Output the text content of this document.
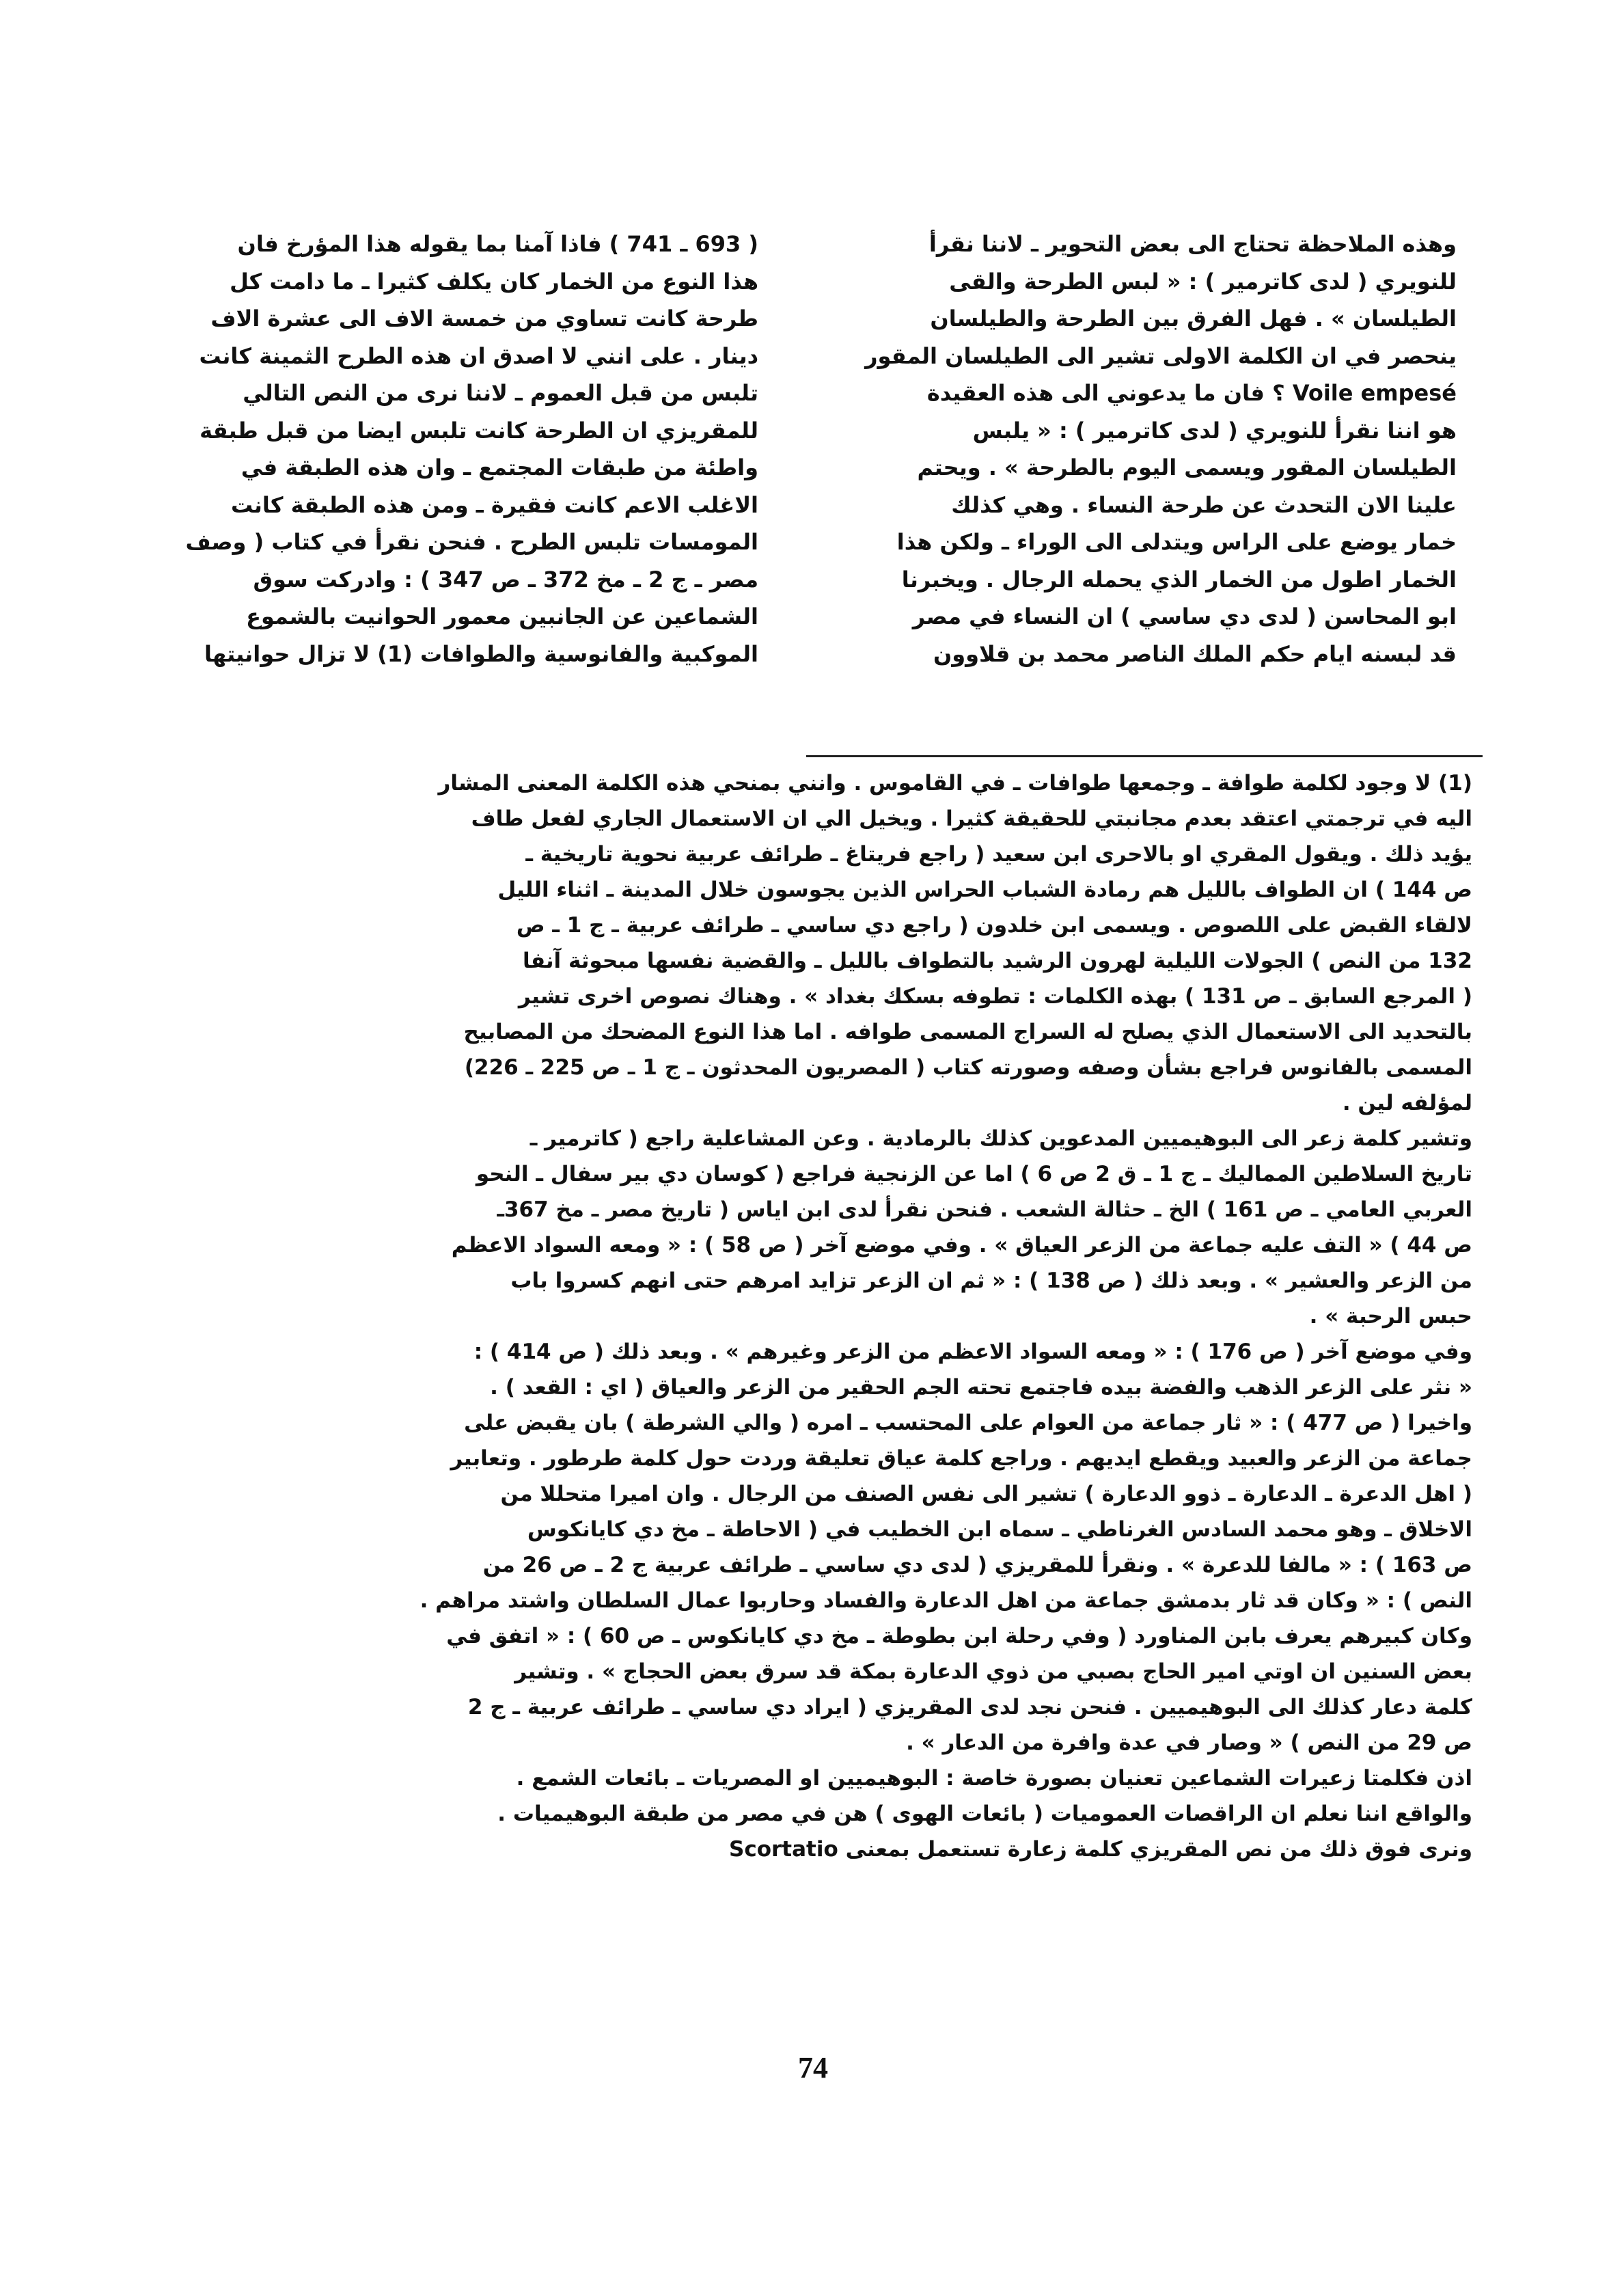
وهذه الملاحظة تحتاج الى بعض التحوير ـ لاننا نقرأ
للنويري ( لدى كاترمير ) : « لبس الطرحة والقى
الطيلسان » . فهل الفرق بين الطرحة والطيلسان
ينحصر في ان الكلمة الاولى تشير الى الطيلسان المقور
Voile empesé ؟ فان ما يدعوني الى هذه العقيدة
هو اننا نقرأ للنويري ( لدى كاترمير ) : « يلبس
الطيلسان المقور ويسمى اليوم بالطرحة » . ويحتم
علينا الان التحدث عن طرحة النساء . وهي كذلك
خمار يوضع على الراس ويتدلى الى الوراء ـ ولكن هذا
الخمار اطول من الخمار الذي يحمله الرجال . ويخبرنا
ابو المحاسن ( لدى دي ساسي ) ان النساء في مصر
قد لبسنه ايام حكم الملك الناصر محمد بن قلاوون
( 693 ـ 741 ) فاذا آمنا بما يقوله هذا المؤرخ فان
هذا النوع من الخمار كان يكلف كثيرا ـ ما دامت كل
طرحة كانت تساوي من خمسة الاف الى عشرة الاف
دينار . على انني لا اصدق ان هذه الطرح الثمينة كانت
تلبس من قبل العموم ـ لاننا نرى من النص التالي
للمقريزي ان الطرحة كانت تلبس ايضا من قبل طبقة
واطئة من طبقات المجتمع ـ وان هذه الطبقة في
الاغلب الاعم كانت فقيرة ـ ومن هذه الطبقة كانت
المومسات تلبس الطرح . فنحن نقرأ في كتاب ( وصف
مصر ـ ج 2 ـ مخ 372 ـ ص 347 ) : وادركت سوق
الشماعين عن الجانبين معمور الحوانيت بالشموع
الموكبية والفانوسية والطوافات (1) لا تزال حوانيتها
(1) لا وجود لكلمة طوافة ـ وجمعها طوافات ـ في القاموس . وانني بمنحي هذه الكلمة المعنى المشار
اليه في ترجمتي اعتقد بعدم مجانبتي للحقيقة كثيرا . ويخيل الي ان الاستعمال الجاري لفعل طاف
يؤيد ذلك . ويقول المقري او بالاحرى ابن سعيد ( راجع فريتاغ ـ طرائف عربية نحوية تاريخية ـ
ص 144 ) ان الطواف بالليل هم رمادة الشباب الحراس الذين يجوسون خلال المدينة ـ اثناء الليل
لالقاء القبض على اللصوص . ويسمى ابن خلدون ( راجع دي ساسي ـ طرائف عربية ـ ج 1 ـ ص
132 من النص ) الجولات الليلية لهرون الرشيد بالتطواف بالليل ـ والقضية نفسها مبحوثة آنفا
( المرجع السابق ـ ص 131 ) بهذه الكلمات : تطوفه بسكك بغداد » . وهناك نصوص اخرى تشير
بالتحديد الى الاستعمال الذي يصلح له السراج المسمى طوافه . اما هذا النوع المضحك من المصابيح
المسمى بالفانوس فراجع بشأن وصفه وصورته كتاب ( المصريون المحدثون ـ ج 1 ـ ص 225 ـ 226)
لمؤلفه لين .
وتشير كلمة زعر الى البوهيميين المدعوين كذلك بالرمادية . وعن المشاعلية راجع ( كاترمير ـ
تاريخ السلاطين المماليك ـ ج 1 ـ ق 2 ص 6 ) اما عن الزنجية فراجع ( كوسان دي بير سفال ـ النحو
العربي العامي ـ ص 161 ) الخ ـ حثالة الشعب . فنحن نقرأ لدى ابن اياس ( تاريخ مصر ـ مخ 367ـ
ص 44 ) « التف عليه جماعة من الزعر العياق » . وفي موضع آخر ( ص 58 ) : « ومعه السواد الاعظم
من الزعر والعشير » . وبعد ذلك ( ص 138 ) : « ثم ان الزعر تزايد امرهم حتى انهم كسروا باب
حبس الرحبة » .
وفي موضع آخر ( ص 176 ) : « ومعه السواد الاعظم من الزعر وغيرهم » . وبعد ذلك ( ص 414 ) :
« نثر على الزعر الذهب والفضة بيده فاجتمع تحته الجم الحقير من الزعر والعياق ( اي : القعد ) .
واخيرا ( ص 477 ) : « ثار جماعة من العوام على المحتسب ـ امره ( والي الشرطة ) بان يقبض على
جماعة من الزعر والعبيد ويقطع ايديهم . وراجع كلمة عياق تعليقة وردت حول كلمة طرطور . وتعابير
( اهل الدعرة ـ الدعارة ـ ذوو الدعارة ) تشير الى نفس الصنف من الرجال . وان اميرا متحللا من
الاخلاق ـ وهو محمد السادس الغرناطي ـ سماه ابن الخطيب في ( الاحاطة ـ مخ دي كايانكوس
ص 163 ) : « مالفا للدعرة » . ونقرأ للمقريزي ( لدى دي ساسي ـ طرائف عربية ج 2 ـ ص 26 من
النص ) : « وكان قد ثار بدمشق جماعة من اهل الدعارة والفساد وحاربوا عمال السلطان واشتد مراهم .
وكان كبيرهم يعرف بابن المناورد ( وفي رحلة ابن بطوطة ـ مخ دي كايانكوس ـ ص 60 ) : « اتفق في
بعض السنين ان اوتي امير الحاج بصبي من ذوي الدعارة بمكة قد سرق بعض الحجاج » . وتشير
كلمة دعار كذلك الى البوهيميين . فنحن نجد لدى المقريزي ( ايراد دي ساسي ـ طرائف عربية ـ ج 2
ص 29 من النص ) « وصار في عدة وافرة من الدعار » .
اذن فكلمتا زعيرات الشماعين تعنيان بصورة خاصة : البوهيميين او المصريات ـ بائعات الشمع .
والواقع اننا نعلم ان الراقصات العموميات ( بائعات الهوى ) هن في مصر من طبقة البوهيميات .
ونرى فوق ذلك من نص المقريزي كلمة زعارة تستعمل بمعنى Scortatio
74
